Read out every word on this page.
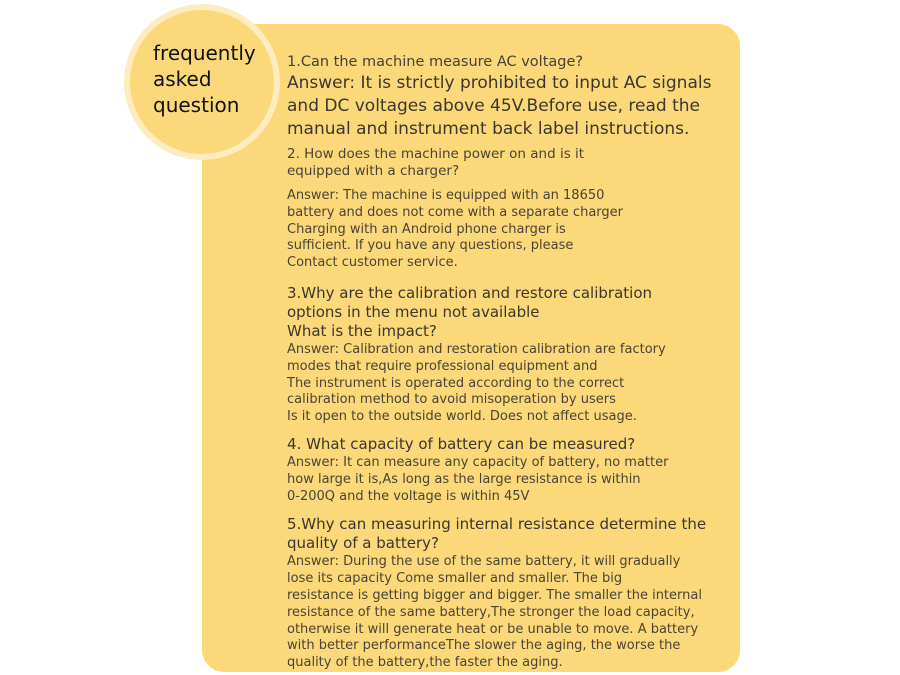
frequently
asked
question

1.Can the machine measure AC voltage?

Answer: It is strictly prohibited to input AC signals
and DC voltages above 45V.Before use, read the
manual and instrument back label instructions.

2. How does the machine power on and is it
equipped with a charger?

Answer: The machine is equipped with an 18650
battery and does not come with a separate charger
Charging with an Android phone charger is
sufficient. If you have any questions, please
Contact customer service.

3.Why are the calibration and restore calibration
options in the menu not available
What is the impact?

Answer: Calibration and restoration calibration are factory
modes that require professional equipment and
The instrument is operated according to the correct
calibration method to avoid misoperation by users
Is it open to the outside world. Does not affect usage.

4. What capacity of battery can be measured?

Answer: It can measure any capacity of battery, no matter
how large it is,As long as the large resistance is within
0-200Q and the voltage is within 45V

5.Why can measuring internal resistance determine the
quality of a battery?

Answer: During the use of the same battery, it will gradually
lose its capacity Come smaller and smaller. The big
resistance is getting bigger and bigger. The smaller the internal
resistance of the same battery,The stronger the load capacity,
otherwise it will generate heat or be unable to move. A battery
with better performanceThe slower the aging, the worse the
quality of the battery,the faster the aging.
